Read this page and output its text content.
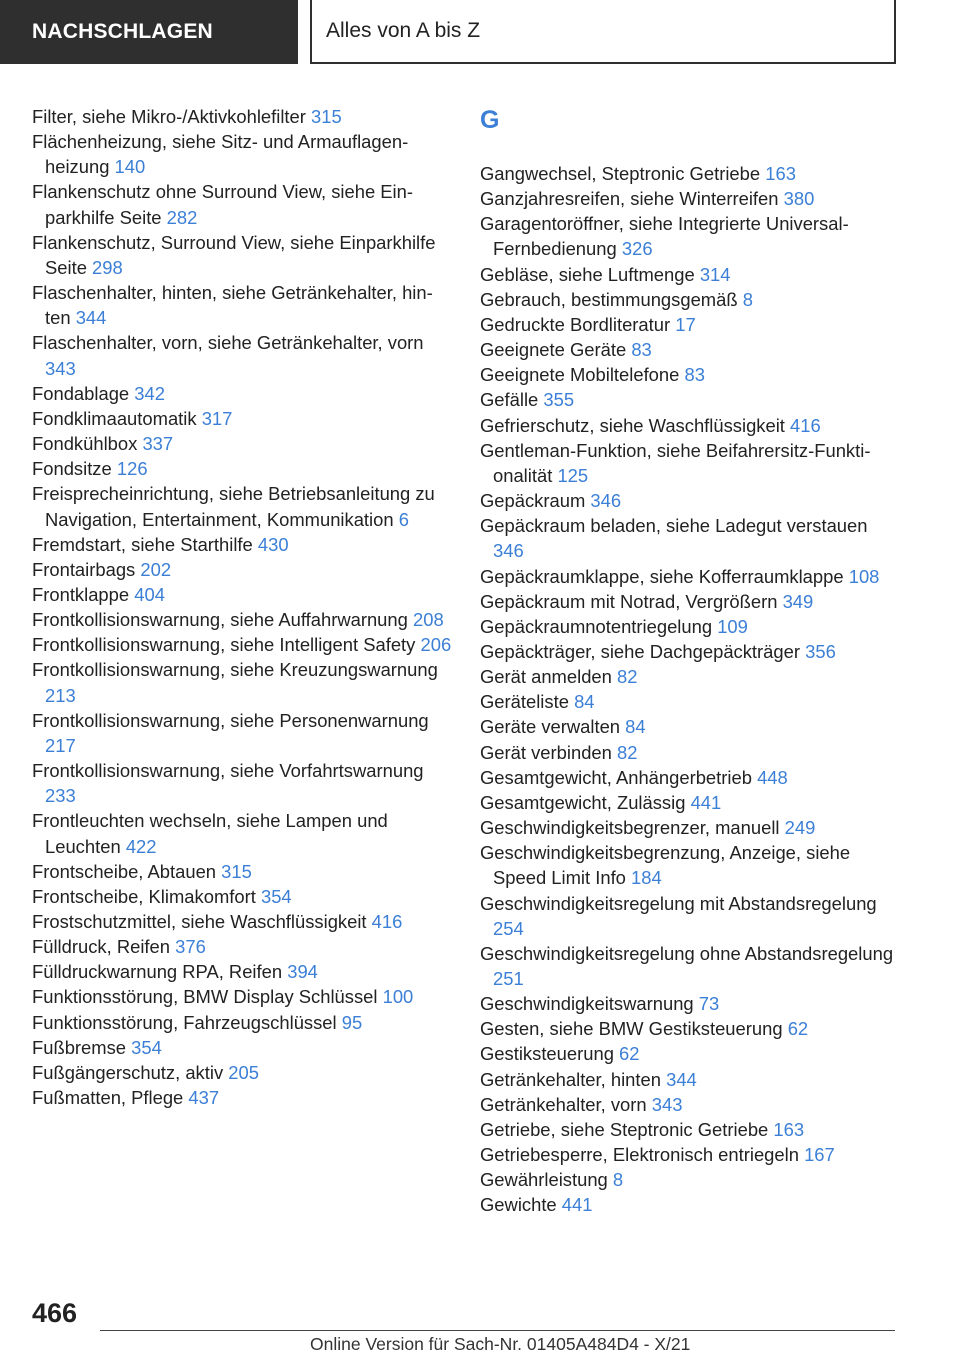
NACHSCHLAGEN	Alles von A bis Z

Filter, siehe Mikro-/Aktivkohlefilter 315

Flächenheizung, siehe Sitz- und Armauflagenheizung 140

Flankenschutz ohne Surround View, siehe Einparkhilfe Seite 282

Flankenschutz, Surround View, siehe Einparkhilfe Seite 298

Flaschenhalter, hinten, siehe Getränkehalter, hinten 344

Flaschenhalter, vorn, siehe Getränkehalter, vorn 343

Fondablage 342

Fondklimaautomatik 317

Fondkühlbox 337

Fondsitze 126

Freisprecheinrichtung, siehe Betriebsanleitung zu Navigation, Entertainment, Kommunikation 6

Fremdstart, siehe Starthilfe 430

Frontairbags 202

Frontklappe 404

Frontkollisionswarnung, siehe Auffahrwarnung 208

Frontkollisionswarnung, siehe Intelligent Safety 206

Frontkollisionswarnung, siehe Kreuzungswarnung 213

Frontkollisionswarnung, siehe Personenwarnung 217

Frontkollisionswarnung, siehe Vorfahrtswarnung 233

Frontleuchten wechseln, siehe Lampen und Leuchten 422

Frontscheibe, Abtauen 315

Frontscheibe, Klimakomfort 354

Frostschutzmittel, siehe Waschflüssigkeit 416

Fülldruck, Reifen 376

Fülldruckwarnung RPA, Reifen 394

Funktionsstörung, BMW Display Schlüssel 100

Funktionsstörung, Fahrzeugschlüssel 95

Fußbremse 354

Fußgängerschutz, aktiv 205

Fußmatten, Pflege 437

G

Gangwechsel, Steptronic Getriebe 163

Ganzjahresreifen, siehe Winterreifen 380

Garagentoröffner, siehe Integrierte UniversalFernbedienung 326

Gebläse, siehe Luftmenge 314

Gebrauch, bestimmungsgemäß 8

Gedruckte Bordliteratur 17

Geeignete Geräte 83

Geeignete Mobiltelefone 83

Gefälle 355

Gefrierschutz, siehe Waschflüssigkeit 416

Gentleman-Funktion, siehe Beifahrersitz-Funktionalität 125

Gepäckraum 346

Gepäckraum beladen, siehe Ladegut verstauen 346

Gepäckraumklappe, siehe Kofferraumklappe 108

Gepäckraum mit Notrad, Vergrößern 349

Gepäckraumnotentriegelung 109

Gepäckträger, siehe Dachgepäckträger 356

Gerät anmelden 82

Geräteliste 84

Geräte verwalten 84

Gerät verbinden 82

Gesamtgewicht, Anhängerbetrieb 448

Gesamtgewicht, Zulässig 441

Geschwindigkeitsbegrenzer, manuell 249

Geschwindigkeitsbegrenzung, Anzeige, siehe Speed Limit Info 184

Geschwindigkeitsregelung mit Abstandsregelung 254

Geschwindigkeitsregelung ohne Abstandsregelung 251

Geschwindigkeitswarnung 73

Gesten, siehe BMW Gestiksteuerung 62

Gestiksteuerung 62

Getränkehalter, hinten 344

Getränkehalter, vorn 343

Getriebe, siehe Steptronic Getriebe 163

Getriebesperre, Elektronisch entriegeln 167

Gewährleistung 8

Gewichte 441

466
Online Version für Sach-Nr. 01405A484D4 - X/21
